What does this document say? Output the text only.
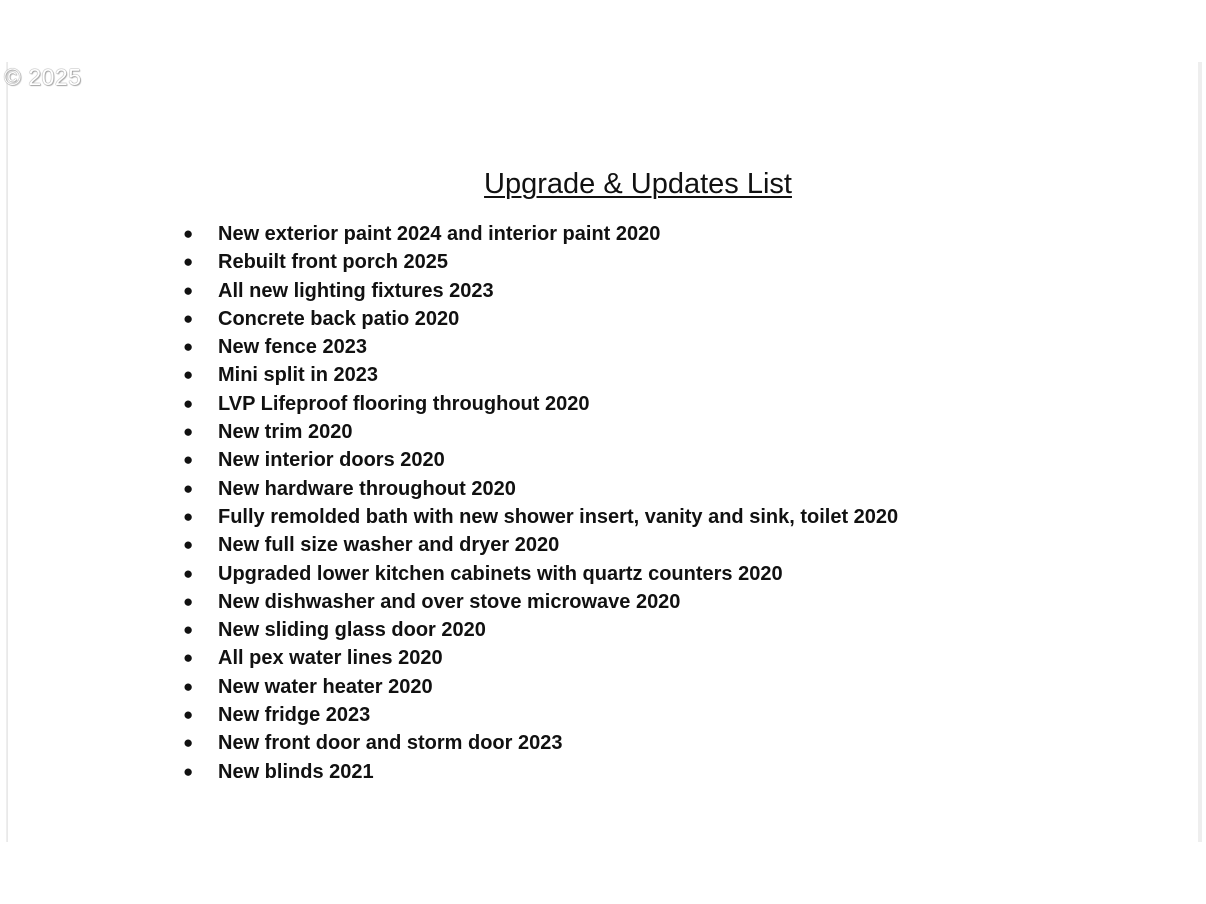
© 2025
Upgrade & Updates List
●	New exterior paint 2024 and interior paint 2020
●	Rebuilt front porch 2025
●	All new lighting fixtures 2023
●	Concrete back patio 2020
●	New fence 2023
●	Mini split in 2023
●	LVP Lifeproof flooring throughout 2020
●	New trim 2020
●	New interior doors 2020
●	New hardware throughout 2020
●	Fully remolded bath with new shower insert, vanity and sink, toilet 2020
●	New full size washer and dryer 2020
●	Upgraded lower kitchen cabinets with quartz counters 2020
●	New dishwasher and over stove microwave 2020
●	New sliding glass door 2020
●	All pex water lines 2020
●	New water heater 2020
●	New fridge 2023
●	New front door and storm door 2023
●	New blinds 2021
